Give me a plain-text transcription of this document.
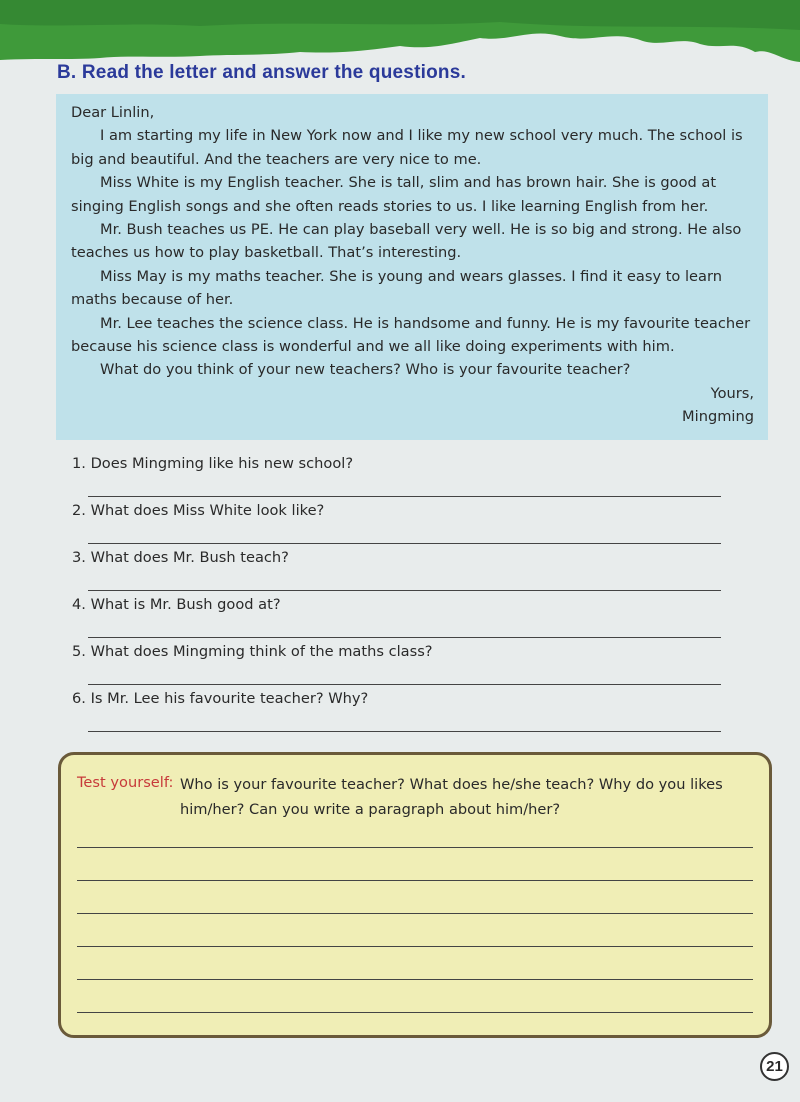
B. Read the letter and answer the questions.

Dear Linlin,

I am starting my life in New York now and I like my new school very much. The school is big and beautiful. And the teachers are very nice to me.

Miss White is my English teacher. She is tall, slim and has brown hair. She is good at singing English songs and she often reads stories to us. I like learning English from her.

Mr. Bush teaches us PE. He can play baseball very well. He is so big and strong. He also teaches us how to play basketball. That’s interesting.

Miss May is my maths teacher. She is young and wears glasses. I find it easy to learn maths because of her.

Mr. Lee teaches the science class. He is handsome and funny. He is my favourite teacher because his science class is wonderful and we all like doing experiments with him.

What do you think of your new teachers? Who is your favourite teacher?

Yours,

Mingming

1. Does Mingming like his new school?
2. What does Miss White look like?
3. What does Mr. Bush teach?
4. What is Mr. Bush good at?
5. What does Mingming think of the maths class?
6. Is Mr. Lee his favourite teacher? Why?
Test yourself: Who is your favourite teacher? What does he/she teach? Why do you likes him/her? Can you write a paragraph about him/her?

21
